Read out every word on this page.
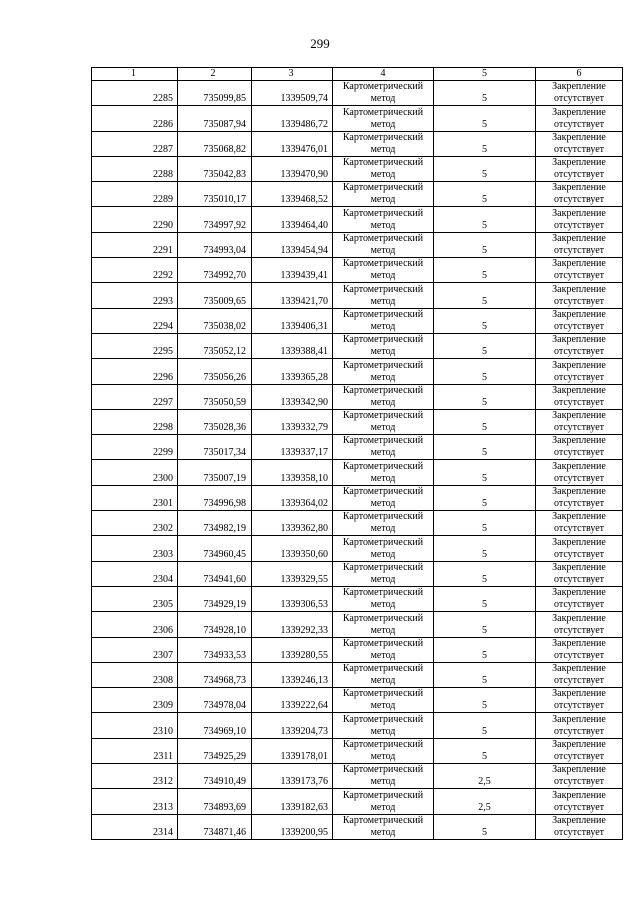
299
1	2	3	4	5	6
2285	735099,85	1339509,74	Картометрический
метод	5	Закрепление
отсутствует

2286	735087,94	1339486,72	Картометрический
метод	5	Закрепление
отсутствует

2287	735068,82	1339476,01	Картометрический
метод	5	Закрепление
отсутствует

2288	735042,83	1339470,90	Картометрический
метод	5	Закрепление
отсутствует

2289	735010,17	1339468,52	Картометрический
метод	5	Закрепление
отсутствует

2290	734997,92	1339464,40	Картометрический
метод	5	Закрепление
отсутствует

2291	734993,04	1339454,94	Картометрический
метод	5	Закрепление
отсутствует

2292	734992,70	1339439,41	Картометрический
метод	5	Закрепление
отсутствует

2293	735009,65	1339421,70	Картометрический
метод	5	Закрепление
отсутствует

2294	735038,02	1339406,31	Картометрический
метод	5	Закрепление
отсутствует

2295	735052,12	1339388,41	Картометрический
метод	5	Закрепление
отсутствует

2296	735056,26	1339365,28	Картометрический
метод	5	Закрепление
отсутствует

2297	735050,59	1339342,90	Картометрический
метод	5	Закрепление
отсутствует

2298	735028,36	1339332,79	Картометрический
метод	5	Закрепление
отсутствует

2299	735017,34	1339337,17	Картометрический
метод	5	Закрепление
отсутствует

2300	735007,19	1339358,10	Картометрический
метод	5	Закрепление
отсутствует

2301	734996,98	1339364,02	Картометрический
метод	5	Закрепление
отсутствует

2302	734982,19	1339362,80	Картометрический
метод	5	Закрепление
отсутствует

2303	734960,45	1339350,60	Картометрический
метод	5	Закрепление
отсутствует

2304	734941,60	1339329,55	Картометрический
метод	5	Закрепление
отсутствует

2305	734929,19	1339306,53	Картометрический
метод	5	Закрепление
отсутствует

2306	734928,10	1339292,33	Картометрический
метод	5	Закрепление
отсутствует

2307	734933,53	1339280,55	Картометрический
метод	5	Закрепление
отсутствует

2308	734968,73	1339246,13	Картометрический
метод	5	Закрепление
отсутствует

2309	734978,04	1339222,64	Картометрический
метод	5	Закрепление
отсутствует

2310	734969,10	1339204,73	Картометрический
метод	5	Закрепление
отсутствует

2311	734925,29	1339178,01	Картометрический
метод	5	Закрепление
отсутствует

2312	734910,49	1339173,76	Картометрический
метод	2,5	Закрепление
отсутствует

2313	734893,69	1339182,63	Картометрический
метод	2,5	Закрепление
отсутствует

2314	734871,46	1339200,95	Картометрический
метод	5	Закрепление
отсутствует
